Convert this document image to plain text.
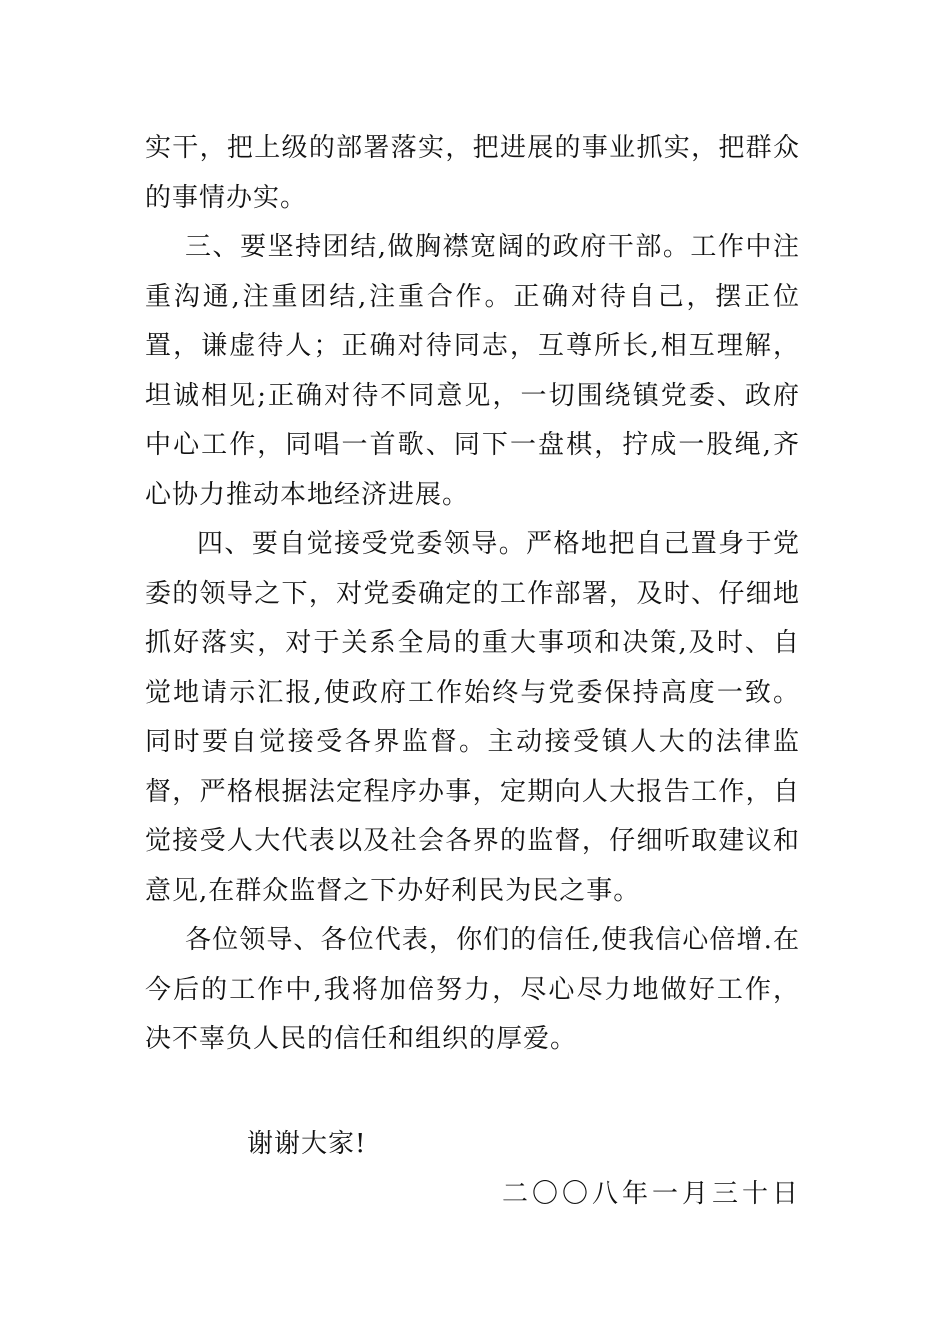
实干，把上级的部署落实，把进展的事业抓实，把群众的事情办实。

三、要坚持团结,做胸襟宽阔的政府干部。工作中注重沟通,注重团结,注重合作。正确对待自己，摆正位置，谦虚待人；正确对待同志，互尊所长,相互理解，坦诚相见;正确对待不同意见，一切围绕镇党委、政府中心工作，同唱一首歌、同下一盘棋，拧成一股绳,齐心协力推动本地经济进展。

四、要自觉接受党委领导。严格地把自己置身于党委的领导之下，对党委确定的工作部署，及时、仔细地抓好落实，对于关系全局的重大事项和决策,及时、自觉地请示汇报,使政府工作始终与党委保持高度一致。同时要自觉接受各界监督。主动接受镇人大的法律监督，严格根据法定程序办事，定期向人大报告工作，自觉接受人大代表以及社会各界的监督，仔细听取建议和意见,在群众监督之下办好利民为民之事。

各位领导、各位代表，你们的信任,使我信心倍增.在今后的工作中,我将加倍努力，尽心尽力地做好工作，决不辜负人民的信任和组织的厚爱。

谢谢大家!
二〇〇八年一月三十日
